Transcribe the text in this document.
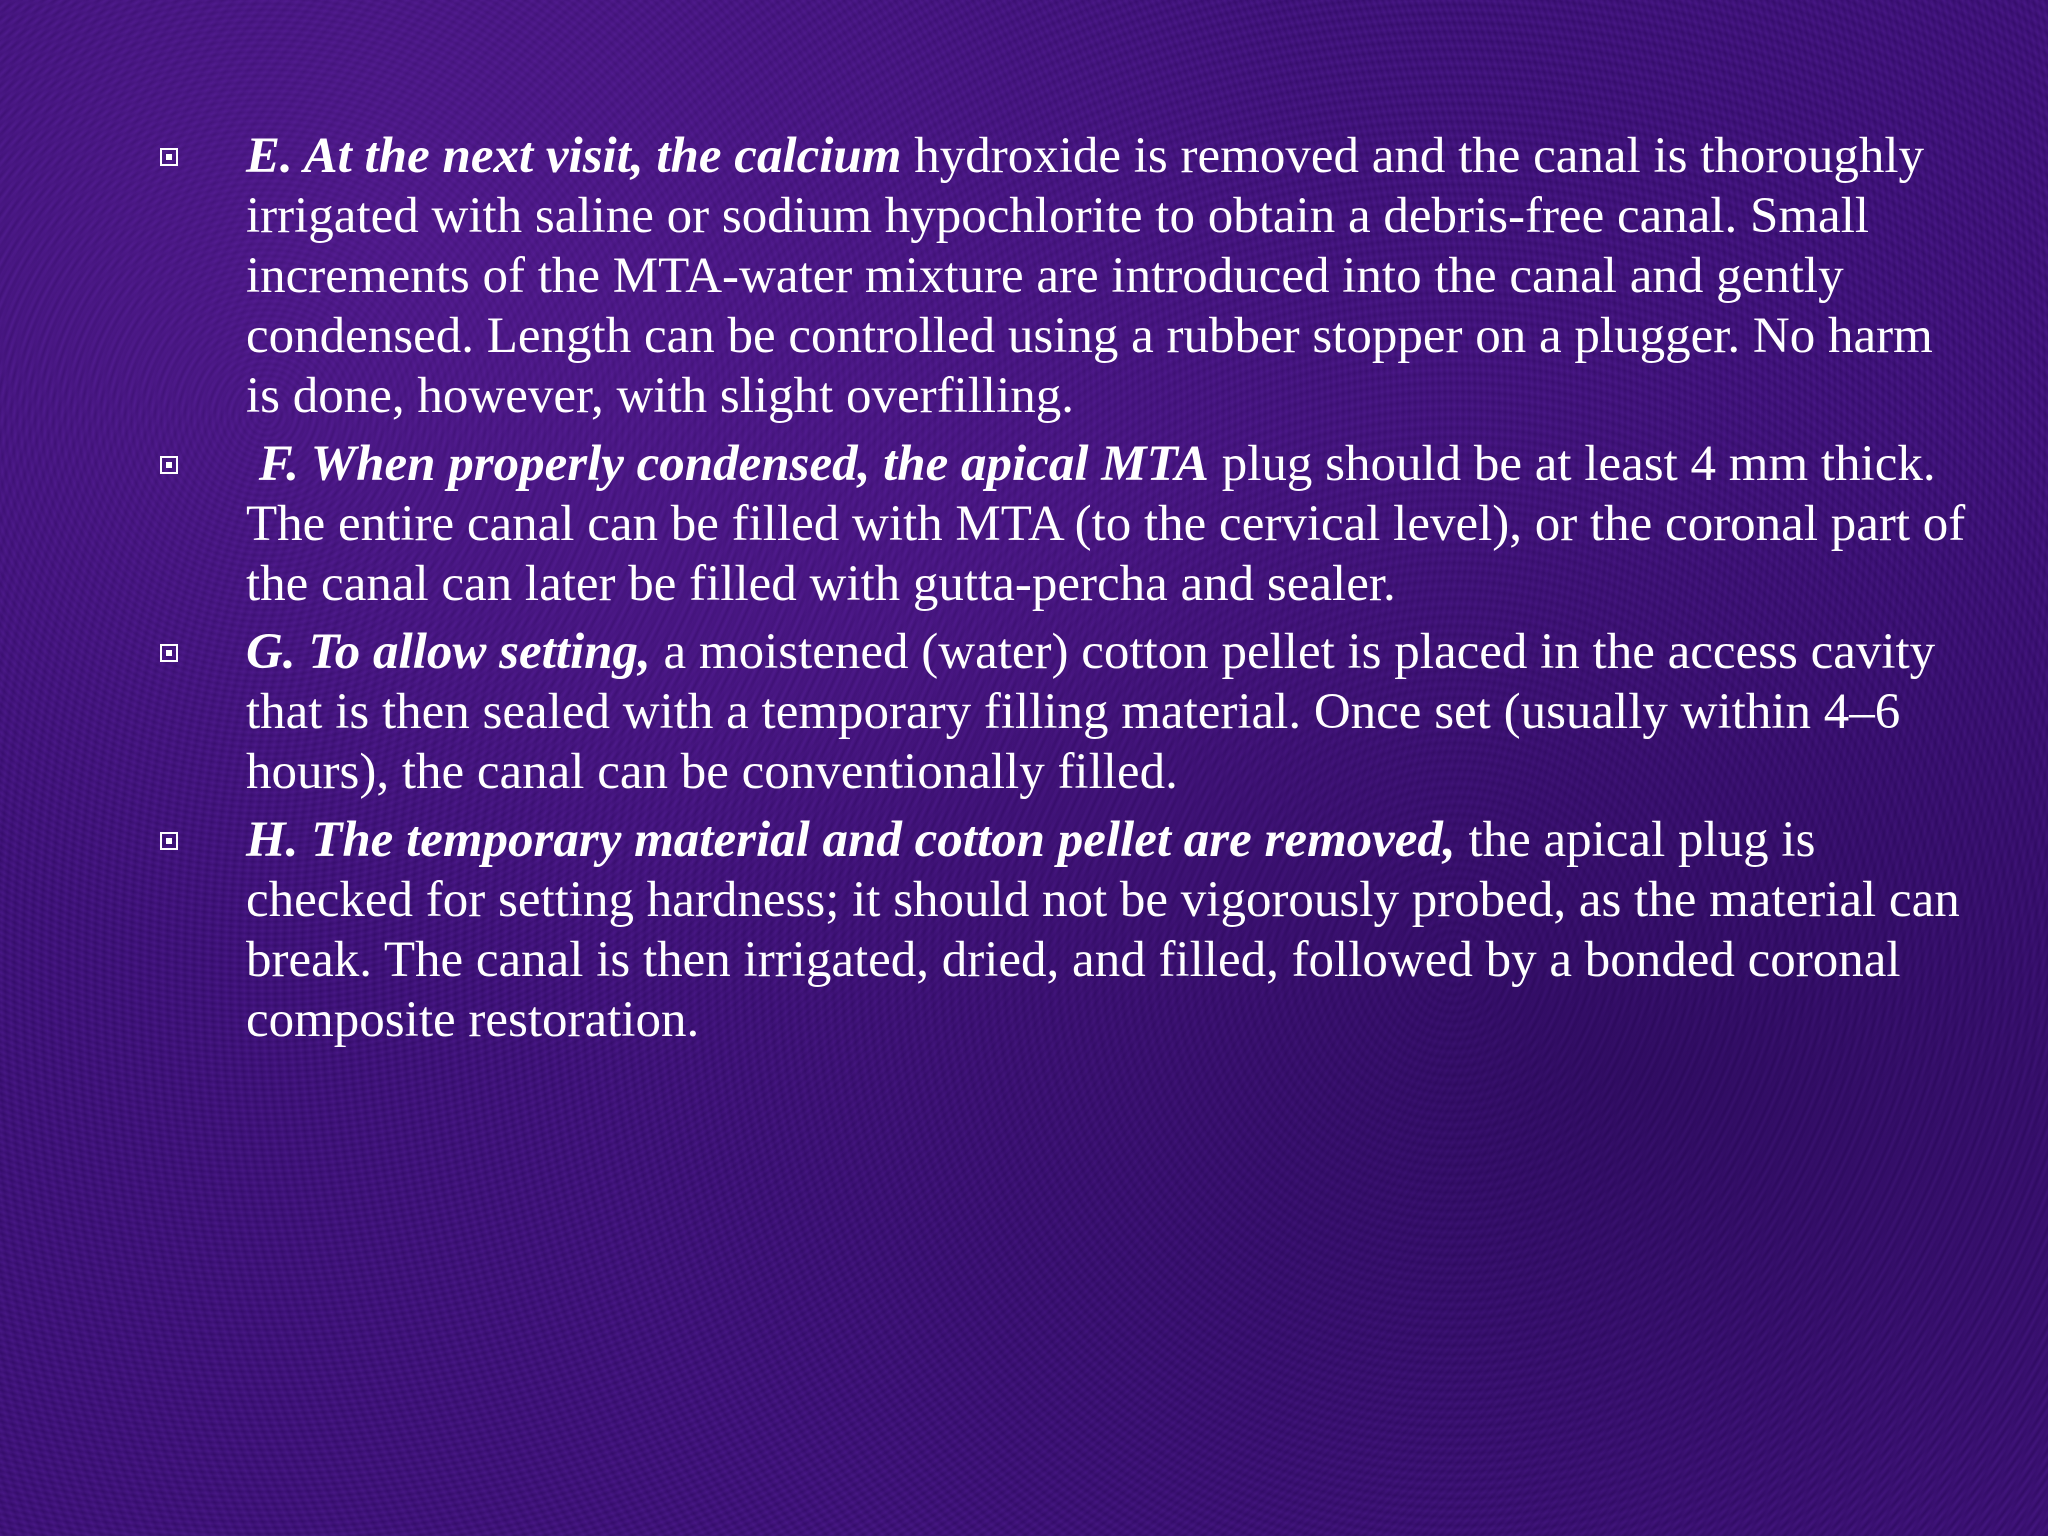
E. At the next visit, the calcium hydroxide is removed and the canal is thoroughly irrigated with saline or sodium hypochlorite to obtain a debris-free canal. Small increments of the MTA-water mixture are introduced into the canal and gently condensed. Length can be controlled using a rubber stopper on a plugger. No harm is done, however, with slight overfilling.
F. When properly condensed, the apical MTA plug should be at least 4 mm thick. The entire canal can be filled with MTA (to the cervical level), or the coronal part of the canal can later be filled with gutta-percha and sealer.
G. To allow setting, a moistened (water) cotton pellet is placed in the access cavity that is then sealed with a temporary filling material. Once set (usually within 4–6 hours), the canal can be conventionally filled.
H. The temporary material and cotton pellet are removed, the apical plug is checked for setting hardness; it should not be vigorously probed, as the material can break. The canal is then irrigated, dried, and filled, followed by a bonded coronal composite restoration.
